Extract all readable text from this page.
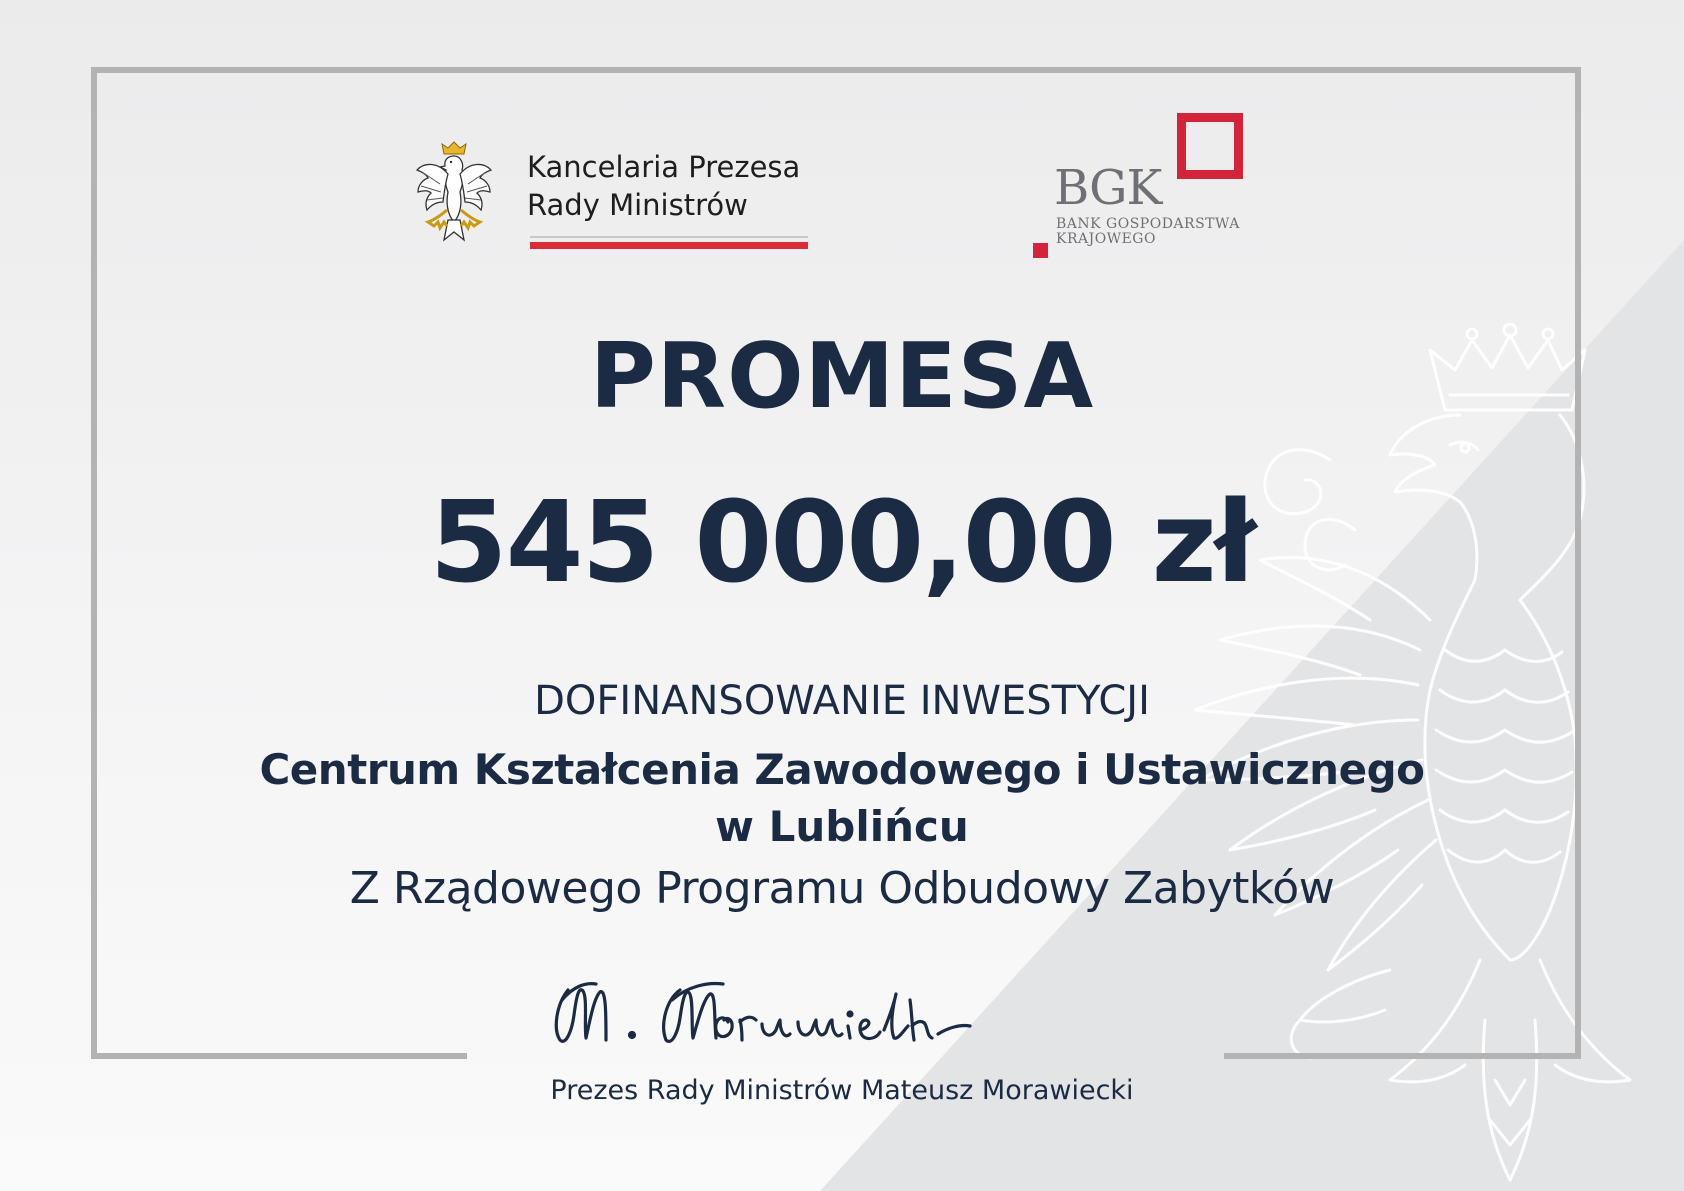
Kancelaria Prezesa
Rady Ministrów	BGK
BANK GOSPODARSTWA
KRAJOWEGO
PROMESA
545 000,00 zł
DOFINANSOWANIE INWESTYCJI
Centrum Kształcenia Zawodowego i Ustawicznego
w Lublińcu
Z Rządowego Programu Odbudowy Zabytków
Prezes Rady Ministrów Mateusz Morawiecki
